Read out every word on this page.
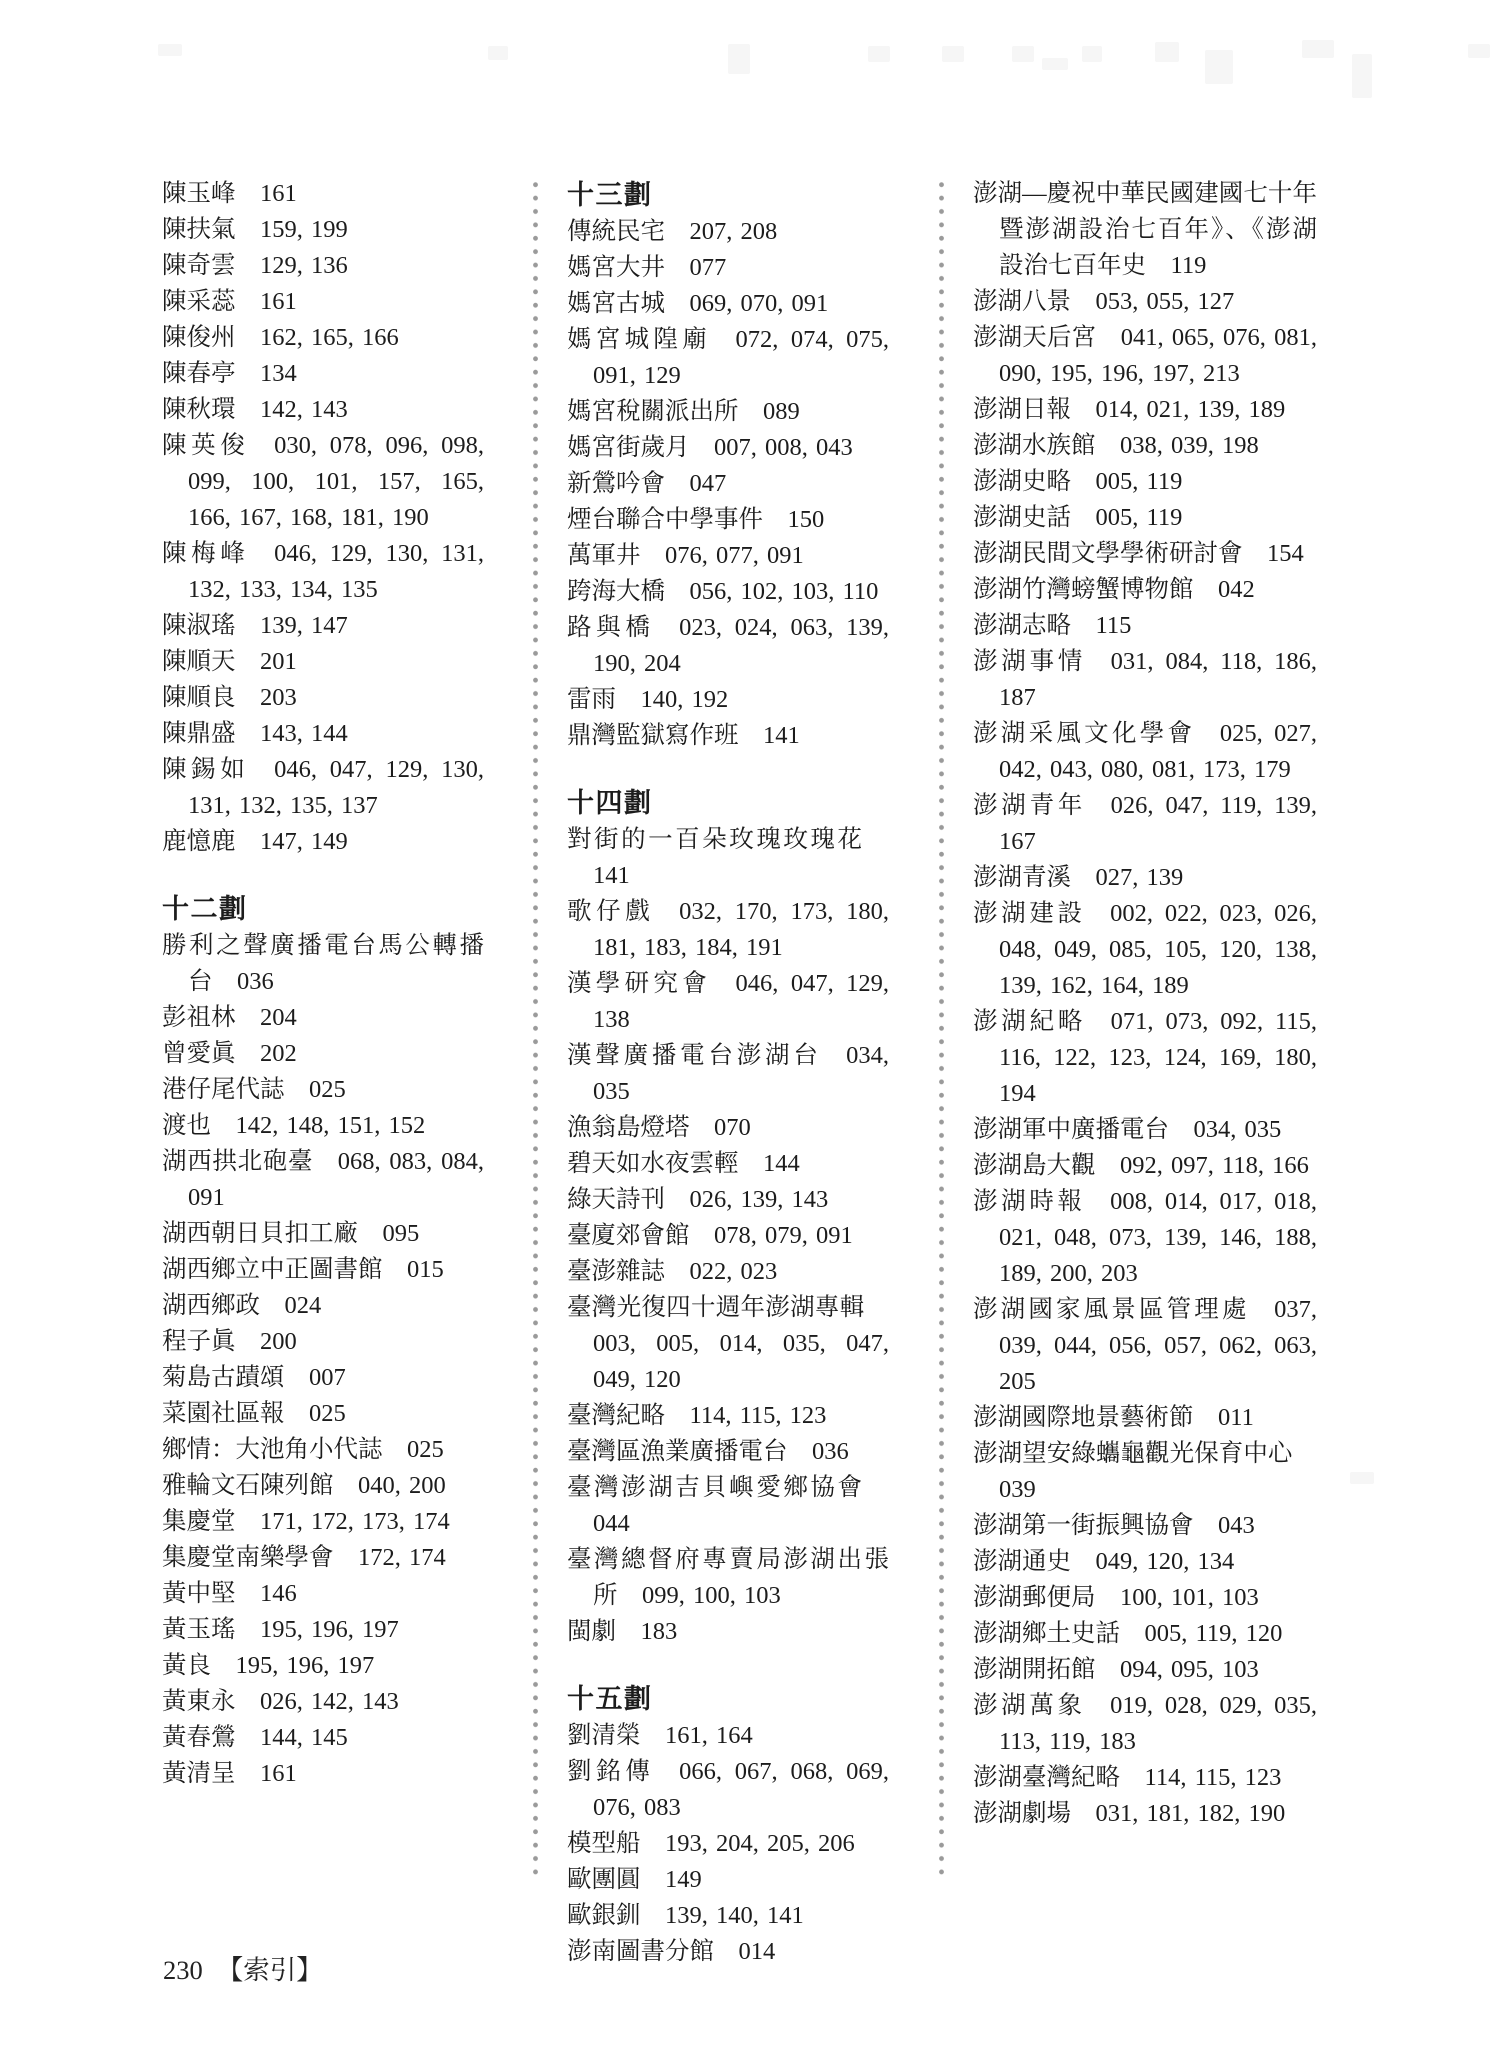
陳玉峰  161
陳扶氣  159, 199
陳奇雲  129, 136
陳采蕊  161
陳俊州  162, 165, 166
陳春亭  134
陳秋環  142, 143
陳英俊  030, 078, 096, 098, 099, 100, 101, 157, 165, 166, 167, 168, 181, 190
陳梅峰  046, 129, 130, 131, 132, 133, 134, 135
陳淑瑤  139, 147
陳順天  201
陳順良  203
陳鼎盛  143, 144
陳錫如  046, 047, 129, 130, 131, 132, 135, 137
鹿憶鹿  147, 149
十二劃
勝利之聲廣播電台馬公轉播台  036
彭祖林  204
曾愛眞  202
港仔尾代誌  025
渡也  142, 148, 151, 152
湖西拱北砲臺  068, 083, 084, 091
湖西朝日貝扣工廠  095
湖西鄉立中正圖書館  015
湖西鄉政  024
程子眞  200
菊島古蹟頌  007
菜園社區報  025
鄉情：大池角小代誌  025
雅輪文石陳列館  040, 200
集慶堂  171, 172, 173, 174
集慶堂南樂學會  172, 174
黃中堅  146
黃玉瑤  195, 196, 197
黃良  195, 196, 197
黃東永  026, 142, 143
黃春鶯  144, 145
黃清呈  161
十三劃
傳統民宅  207, 208
媽宮大井  077
媽宮古城  069, 070, 091
媽宮城隍廟  072, 074, 075, 091, 129
媽宮稅關派出所  089
媽宮街歲月  007, 008, 043
新鶯吟會  047
煙台聯合中學事件  150
萬軍井  076, 077, 091
跨海大橋  056, 102, 103, 110
路與橋  023, 024, 063, 139, 190, 204
雷雨  140, 192
鼎灣監獄寫作班  141
十四劃
對街的一百朵玫瑰玫瑰花 141
歌仔戲  032, 170, 173, 180, 181, 183, 184, 191
漢學研究會  046, 047, 129, 138
漢聲廣播電台澎湖台  034, 035
漁翁島燈塔  070
碧天如水夜雲輕  144
綠天詩刊  026, 139, 143
臺廈郊會館  078, 079, 091
臺澎雜誌  022, 023
臺灣光復四十週年澎湖專輯 003, 005, 014, 035, 047, 049, 120
臺灣紀略  114, 115, 123
臺灣區漁業廣播電台  036
臺灣澎湖吉貝嶼愛鄉協會 044
臺灣總督府專賣局澎湖出張所  099, 100, 103
閩劇  183
十五劃
劉清榮  161, 164
劉銘傳  066, 067, 068, 069, 076, 083
模型船  193, 204, 205, 206
歐團圓  149
歐銀釧  139, 140, 141
澎南圖書分館  014
澎湖—慶祝中華民國建國七十年暨澎湖設治七百年》、《澎湖設治七百年史  119
澎湖八景  053, 055, 127
澎湖天后宮  041, 065, 076, 081, 090, 195, 196, 197, 213
澎湖日報  014, 021, 139, 189
澎湖水族館  038, 039, 198
澎湖史略  005, 119
澎湖史話  005, 119
澎湖民間文學學術研討會  154
澎湖竹灣螃蟹博物館  042
澎湖志略  115
澎湖事情  031, 084, 118, 186, 187
澎湖采風文化學會  025, 027, 042, 043, 080, 081, 173, 179
澎湖青年  026, 047, 119, 139, 167
澎湖青溪  027, 139
澎湖建設  002, 022, 023, 026, 048, 049, 085, 105, 120, 138, 139, 162, 164, 189
澎湖紀略  071, 073, 092, 115, 116, 122, 123, 124, 169, 180, 194
澎湖軍中廣播電台  034, 035
澎湖島大觀  092, 097, 118, 166
澎湖時報  008, 014, 017, 018, 021, 048, 073, 139, 146, 188, 189, 200, 203
澎湖國家風景區管理處  037, 039, 044, 056, 057, 062, 063, 205
澎湖國際地景藝術節  011
澎湖望安綠蠵龜觀光保育中心 039
澎湖第一街振興協會  043
澎湖通史  049, 120, 134
澎湖郵便局  100, 101, 103
澎湖鄉土史話  005, 119, 120
澎湖開拓館  094, 095, 103
澎湖萬象  019, 028, 029, 035, 113, 119, 183
澎湖臺灣紀略  114, 115, 123
澎湖劇場  031, 181, 182, 190
230 【索引】
